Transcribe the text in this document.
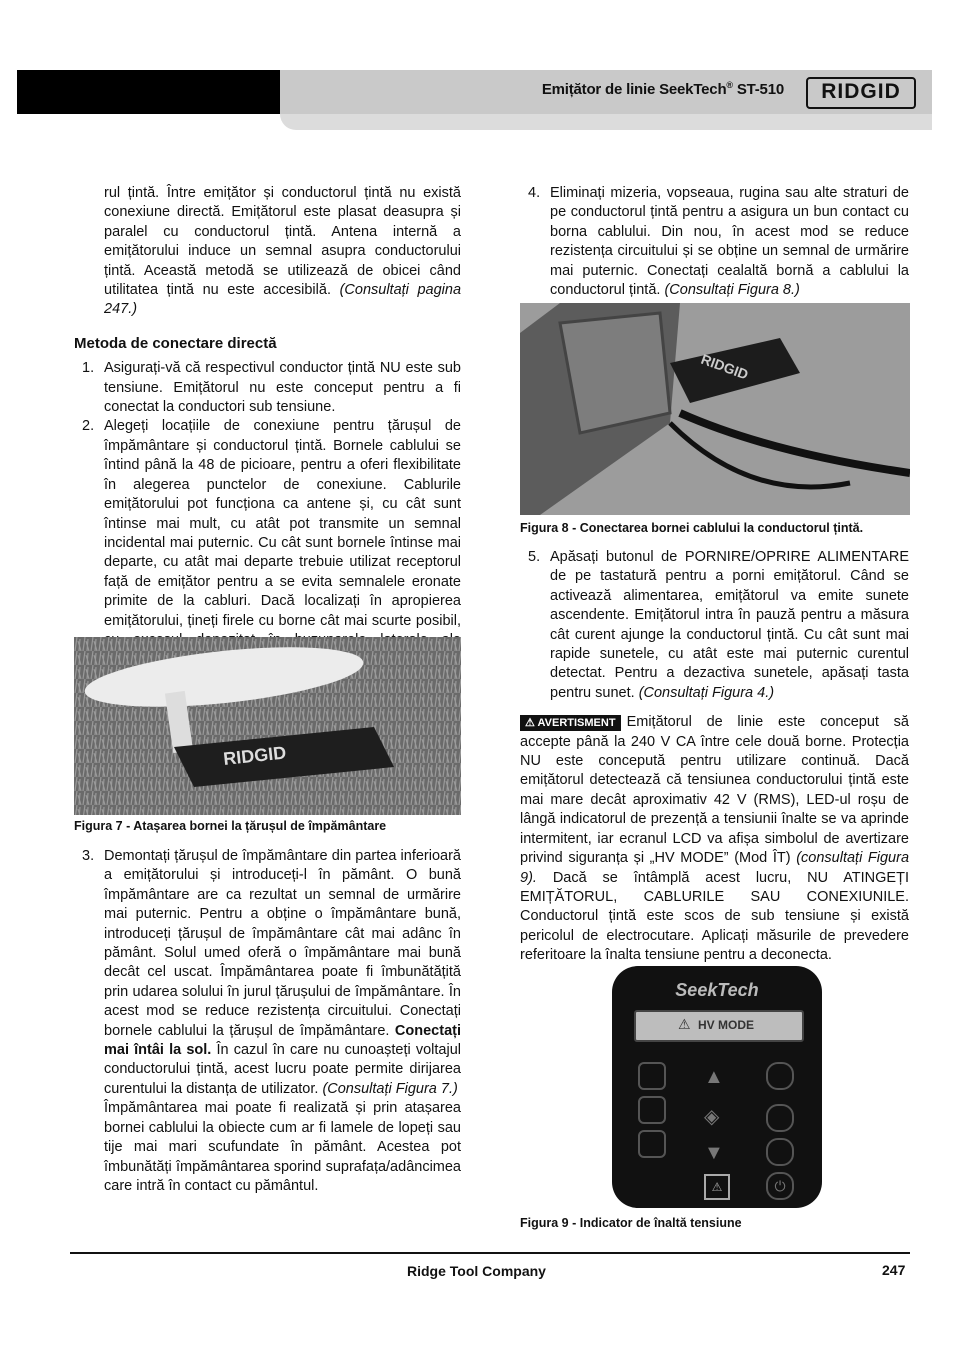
Emițător de linie SeekTech® ST-510	RIDGID

rul țintă. Între emițător și conductorul țintă nu există conexiune directă. Emițătorul este plasat deasupra și paralel cu conductorul țintă. Antena internă a emițătorului induce un semnal asupra conductorului țintă. Această metodă se utilizează de obicei când utilitatea țintă nu este accesibilă. (Consultați pagina 247.)

Metoda de conectare directă
1. Asigurați-vă că respectivul conductor țintă NU este sub tensiune. Emițătorul nu este conceput pentru a fi conectat la conductori sub tensiune.
2. Alegeți locațiile de conexiune pentru țărușul de împământare și conductorul țintă. Bornele cablului se întind până la 48 de picioare, pentru a oferi flexibilitate în alegerea punctelor de conexiune. Cablurile emițătorului pot funcționa ca antene și, cu cât sunt întinse mai mult, cu atât pot transmite un semnal incidental mai puternic. Cu cât sunt bornele întinse mai departe, cu atât mai departe trebuie utilizat receptorul față de emițător pentru a se evita semnalele eronate primite de la cabluri. Dacă localizați în apropierea emițătorului, țineți firele cu borne cât mai scurte posibil,
RIDGID
Figura 7 - Atașarea bornei la țărușul de împământare
3. Demontați țărușul de împământare din partea inferioară a emițătorului și introduceți-l în pământ. O bună împământare are ca rezultat un semnal de urmărire mai puternic. Pentru a obține o împământare bună, introduceți țărușul de împământare cât mai adânc în pământ. Solul umed oferă o împământare mai bună decât cel uscat. Împământarea poate fi îmbunătățită prin udarea solului în jurul țărușului de împământare. În acest mod se reduce rezistența circuitului. Conectați bornele cablului la țărușul de împământare. Conectați mai întâi la sol. În cazul în care nu cunoașteți voltajul conductorului țintă, acest lucru poate permite dirijarea curentului la distanța de utilizator. (Consultați Figura 7.)

Împământarea mai poate fi realizată și prin atașarea bornei cablului la obiecte cum ar fi lamele de lopeți sau tije mai mari scufundate în pământ. Acestea pot îmbunătăți împământarea sporind suprafața/adâncimea care intră în contact cu pământul.

4. Eliminați mizeria, vopseaua, rugina sau alte straturi de pe conductorul țintă pentru a asigura un bun contact cu borna cablului. Din nou, în acest mod se reduce rezistența circuitului și se obține un semnal de urmărire mai puternic. Conectați cealaltă bornă a cablului la conductorul țintă. (Consultați Figura 8.)
RIDGID
Figura 8 - Conectarea bornei cablului la conductorul țintă.
5. Apăsați butonul de PORNIRE/OPRIRE ALIMENTARE de pe tastatură pentru a porni emițătorul. Când se activează alimentarea, emițătorul va emite sunete ascendente. Emițătorul intra în pauză pentru a măsura cât curent ajunge la conductorul țintă. Cu cât sunt mai rapide sunetele, cu atât este mai puternic curentul detectat. Pentru a dezactiva sunetele, apăsați tasta pentru sunet. (Consultați Figura 4.)

⚠ AVERTISMENT Emițătorul de linie este conceput să accepte până la 240 V CA între cele două borne. Protecția NU este concepută pentru utilizare continuă. Dacă emițătorul detectează că tensiunea conductorului țintă este mai mare decât aproximativ 42 V (RMS), LED-ul roșu de lângă indicatorul de prezență a tensiunii înalte se va aprinde intermitent, iar ecranul LCD va afișa simbolul de avertizare privind siguranța și „HV MODE” (Mod ÎT) (consultați Figura 9). Dacă se întâmplă acest lucru, NU ATINGEȚI EMIȚĂTORUL, CABLURILE SAU CONEXIUNILE. Conductorul țintă este scos de sub tensiune și există pericolul de electrocutare. Aplicați măsurile de prevedere referitoare la înalta tensiune pentru a deconecta.

SeekTech
⚠ HV MODE
▲
◈
▼
⚠	⏻
Figura 9 - Indicator de înaltă tensiune
Ridge Tool Company	247
